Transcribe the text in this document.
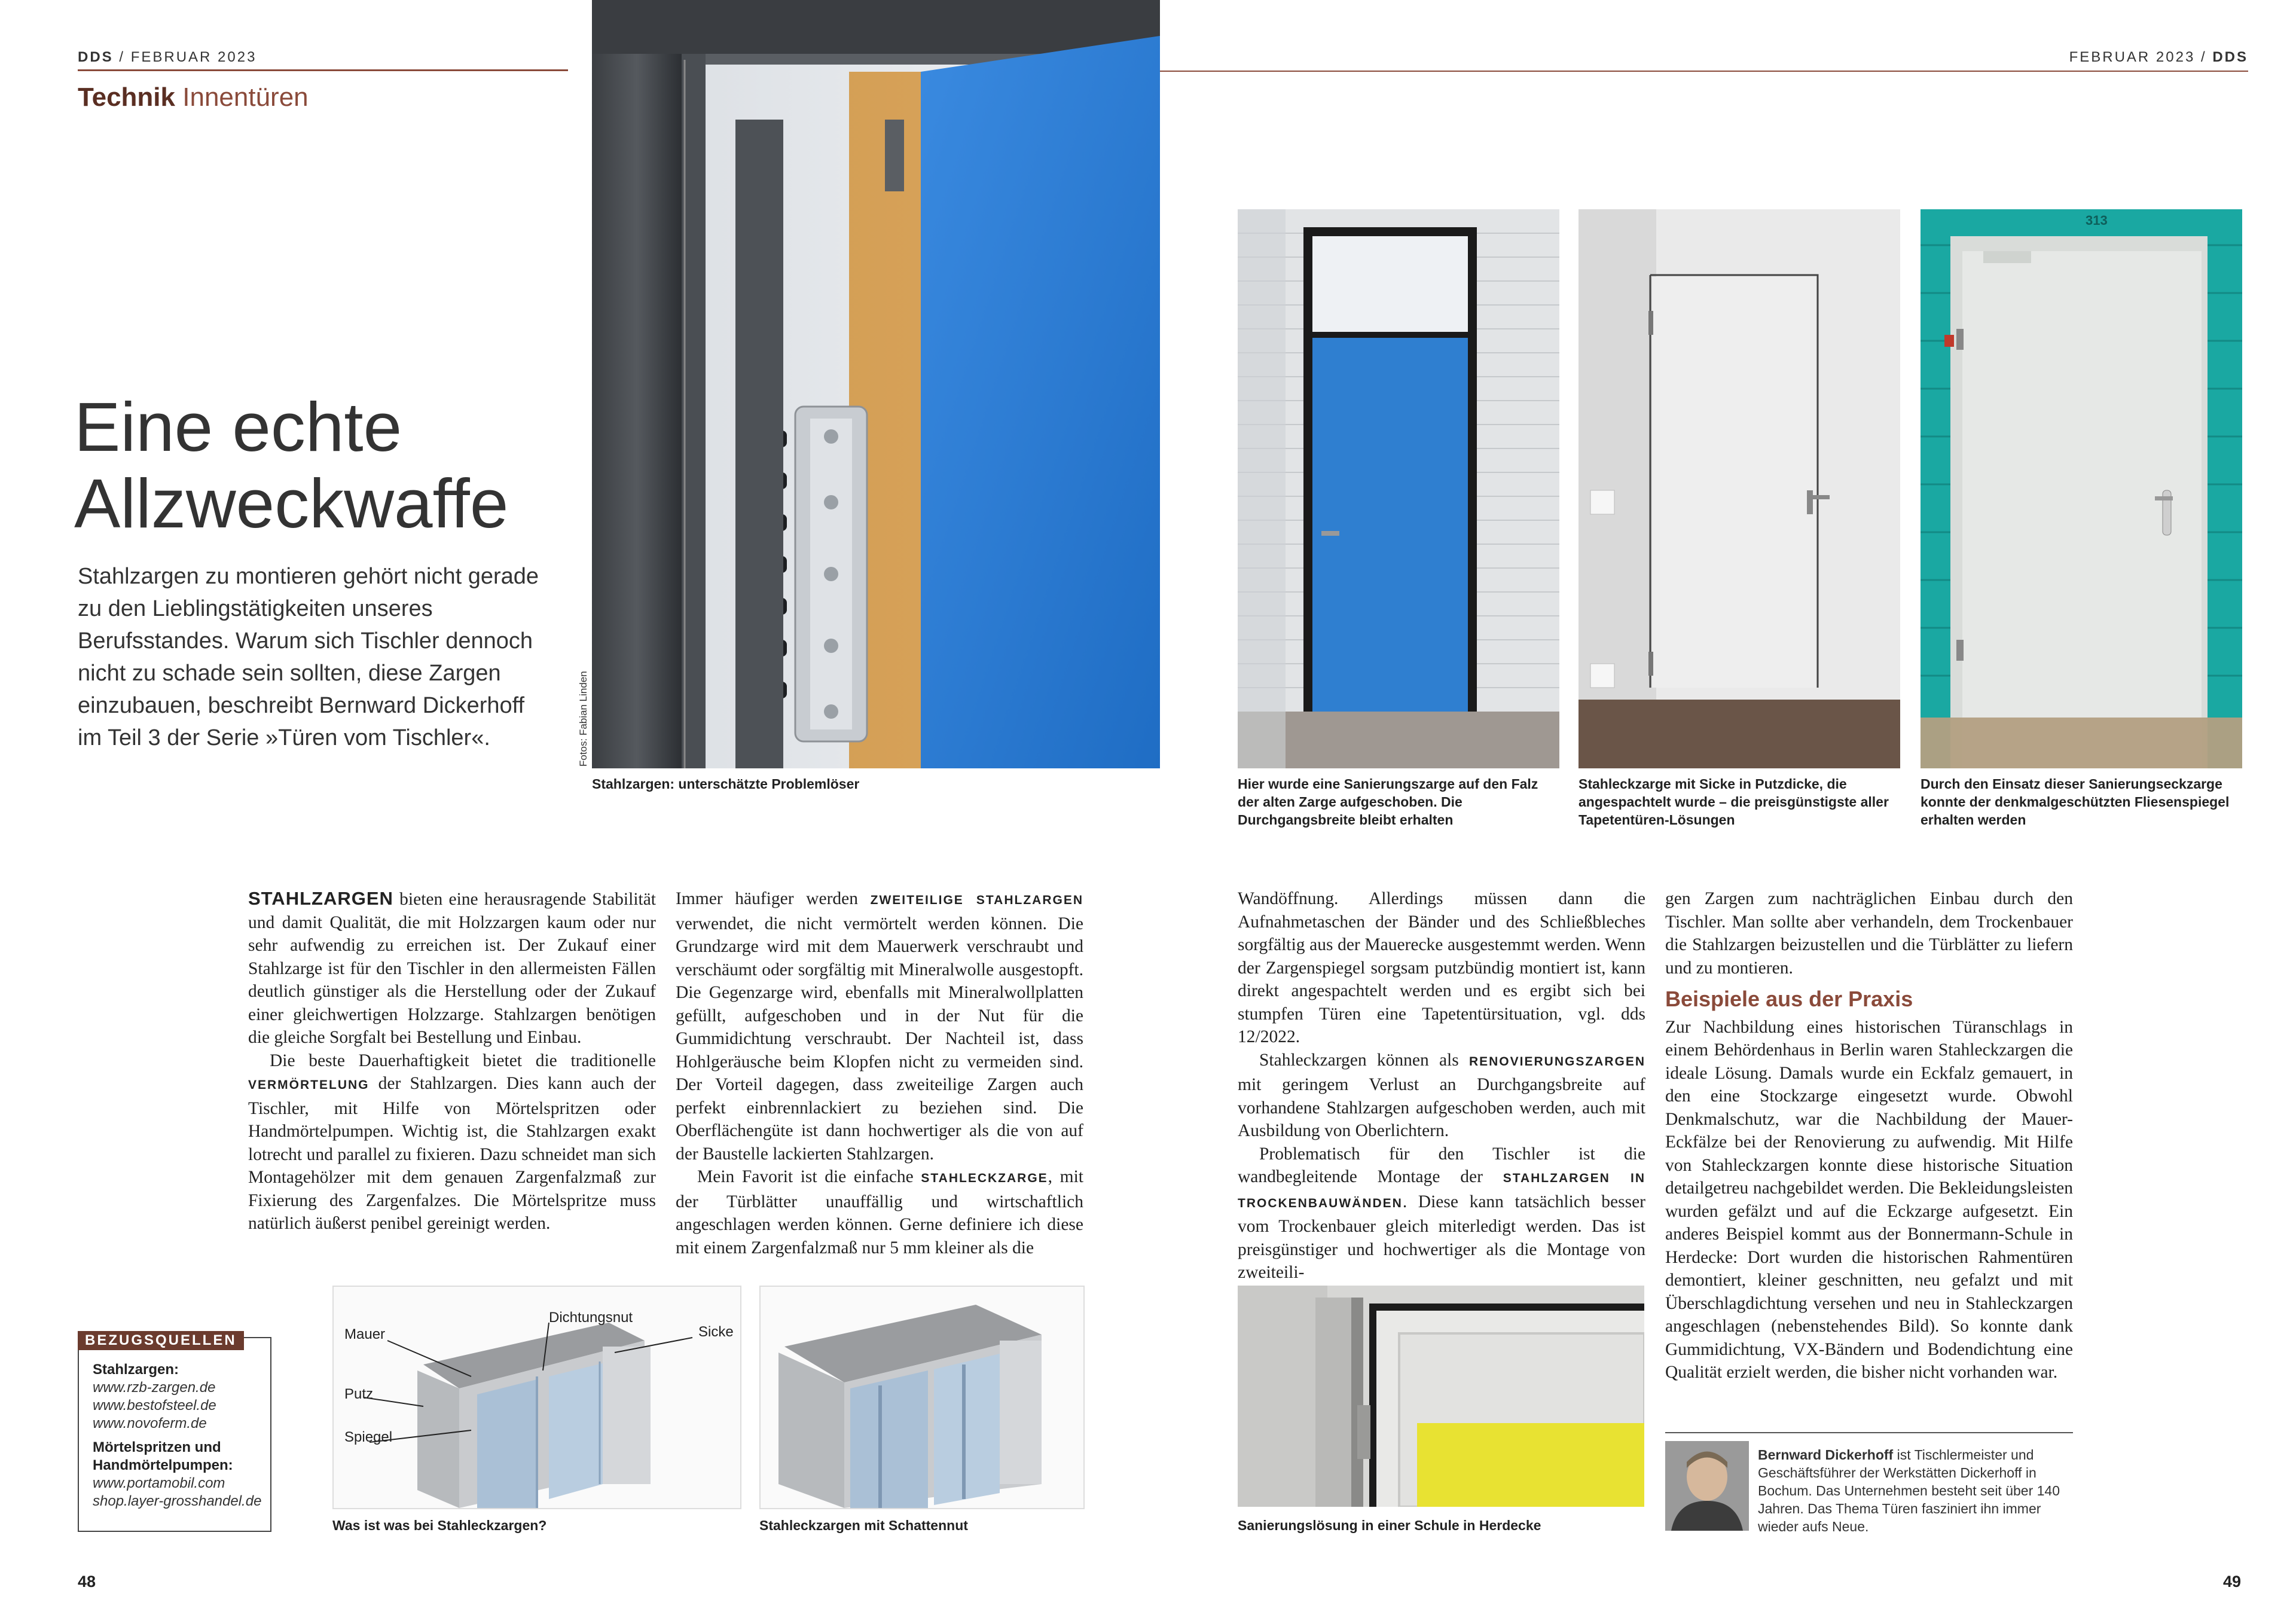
DDS / FEBRUAR 2023
Technik Innentüren
FEBRUAR 2023 / DDS
Eine echte
Allzweckwaffe
Stahlzargen zu montieren gehört nicht gerade zu den Lieblingstätigkeiten unseres Berufsstandes. Warum sich Tischler dennoch nicht zu schade sein sollten, diese Zargen einzubauen, beschreibt Bernward Dickerhoff im Teil 3 der Serie »Türen vom Tischler«.	Fotos: Fabian Linden
Stahlzargen: unterschätzte Problemlöser	Hier wurde eine Sanierungszarge auf den Falz der alten Zarge aufgeschoben. Die Durchgangsbreite bleibt erhalten
Stahleckzarge mit Sicke in Putzdicke, die angespachtelt wurde – die preisgünstigste aller Tapetentüren-Lösungen
313
Durch den Einsatz dieser Sanierungseckzarge konnte der denkmalgeschützten Fliesenspiegel erhalten werden

STAHLZARGEN bieten eine herausragende Stabilität und damit Qualität, die mit Holzzargen kaum oder nur sehr aufwendig zu erreichen ist. Der Zukauf einer Stahlzarge ist für den Tischler in den allermeisten Fällen deutlich günstiger als die Herstellung oder der Zukauf einer gleichwertigen Holzzarge. Stahlzargen benötigen die gleiche Sorgfalt bei Bestellung und Einbau.

Die beste Dauerhaftigkeit bietet die traditionelle VERMÖRTELUNG der Stahlzargen. Dies kann auch der Tischler, mit Hilfe von Mörtelspritzen oder Handmörtelpumpen. Wichtig ist, die Stahlzargen exakt lotrecht und parallel zu fixieren. Dazu schneidet man sich Montagehölzer mit dem genauen Zargenfalzmaß zur Fixierung des Zargenfalzes. Die Mörtelspritze muss natürlich äußerst penibel gereinigt werden.

Immer häufiger werden ZWEITEILIGE STAHLZARGEN verwendet, die nicht vermörtelt werden können. Die Grundzarge wird mit dem Mauerwerk verschraubt und verschäumt oder sorgfältig mit Mineralwolle ausgestopft. Die Gegenzarge wird, ebenfalls mit Mineralwollplatten gefüllt, aufgeschoben und in der Nut für die Gummidichtung verschraubt. Der Nachteil ist, dass Hohlgeräusche beim Klopfen nicht zu vermeiden sind. Der Vorteil dagegen, dass zweiteilige Zargen auch perfekt einbrennlackiert zu beziehen sind. Die Oberflächengüte ist dann hochwertiger als die von auf der Baustelle lackierten Stahlzargen.

Mein Favorit ist die einfache STAHLECKZARGE, mit der Türblätter unauffällig und wirtschaftlich angeschlagen werden können. Gerne definiere ich diese mit einem Zargenfalzmaß nur 5 mm kleiner als die

Wandöffnung. Allerdings müssen dann die Aufnahmetaschen der Bänder und des Schließbleches sorgfältig aus der Mauerecke ausgestemmt werden. Wenn der Zargenspiegel sorgsam putzbündig montiert ist, kann direkt angespachtelt werden und es ergibt sich bei stumpfen Türen eine Tapetentürsituation, vgl. dds 12/2022.

Stahleckzargen können als RENOVIERUNGSZARGEN mit geringem Verlust an Durchgangsbreite auf vorhandene Stahlzargen aufgeschoben werden, auch mit Ausbildung von Oberlichtern.

Problematisch für den Tischler ist die wandbegleitende Montage der STAHLZARGEN IN TROCKENBAUWÄNDEN. Diese kann tatsächlich besser vom Trockenbauer gleich miterledigt werden. Das ist preisgünstiger und hochwertiger als die Montage von zweiteili-

gen Zargen zum nachträglichen Einbau durch den Tischler. Man sollte aber verhandeln, dem Trockenbauer die Stahlzargen beizustellen und die Türblätter zu liefern und zu montieren.

Beispiele aus der Praxis

Zur Nachbildung eines historischen Türanschlags in einem Behördenhaus in Berlin waren Stahleckzargen die ideale Lösung. Damals wurde ein Eckfalz gemauert, in den eine Stockzarge eingesetzt wurde. Obwohl Denkmalschutz, war die Nachbildung der Mauer-Eckfälze bei der Renovierung zu aufwendig. Mit Hilfe von Stahleckzargen konnte diese historische Situation detailgetreu nachgebildet werden. Die Bekleidungsleisten wurden gefälzt und auf die Eckzarge aufgesetzt. Ein anderes Beispiel kommt aus der Bonnermann-Schule in Herdecke: Dort wurden die historischen Rahmentüren demontiert, kleiner geschnitten, neu gefalzt und mit Überschlagdichtung versehen und neu in Stahleckzargen angeschlagen (nebenstehendes Bild). So konnte dank Gummidichtung, VX-Bändern und Bodendichtung eine Qualität erzielt werden, die bisher nicht vorhanden war.

BEZUGSQUELLEN
Stahlzargen:
www.rzb-zargen.de
www.bestofsteel.de
www.novoferm.de
Mörtelspritzen und Handmörtelpumpen:
www.portamobil.com
shop.layer-grosshandel.de
Mauer
Dichtungsnut
Sicke
Putz
Spiegel
Was ist was bei Stahleckzargen?	Stahleckzargen mit Schattennut	Sanierungslösung in einer Schule in Herdecke
Bernward Dickerhoff ist Tischlermeister und Geschäftsführer der Werkstätten Dickerhoff in Bochum. Das Unternehmen besteht seit über 140 Jahren. Das Thema Türen fasziniert ihn immer wieder aufs Neue.
48	49
